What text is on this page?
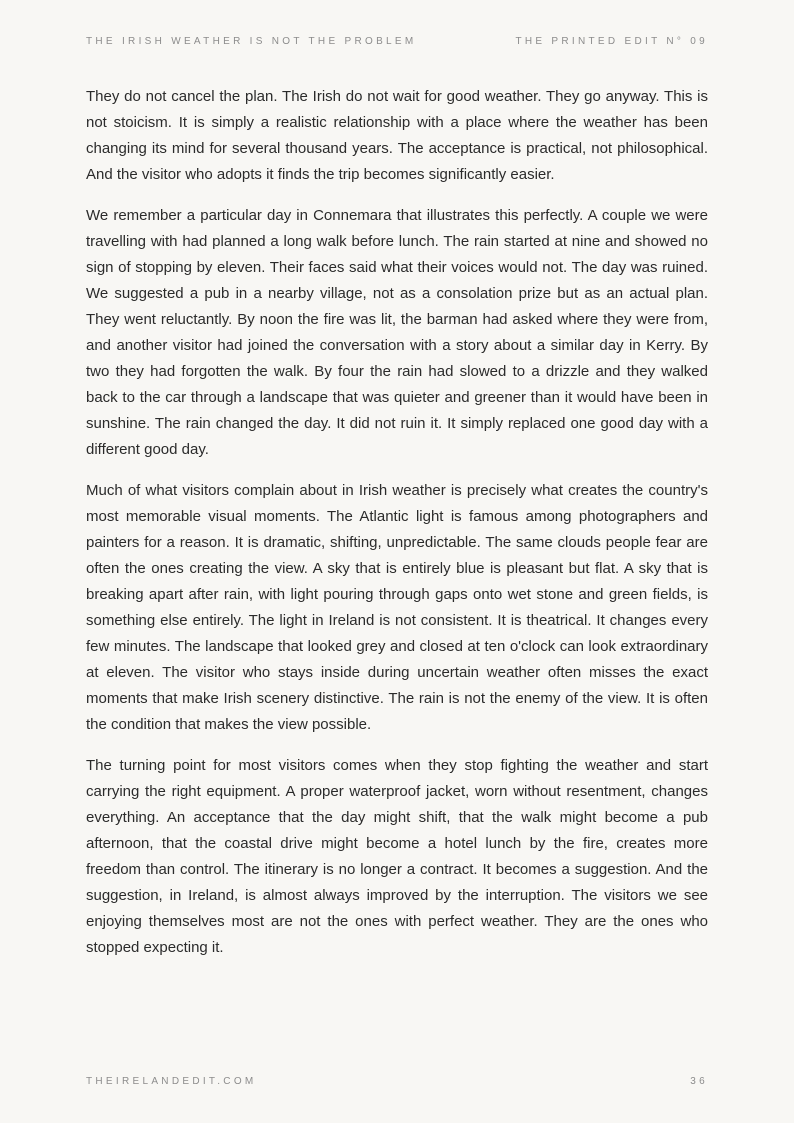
THE IRISH WEATHER IS NOT THE PROBLEM	THE PRINTED EDIT N° 09

They do not cancel the plan. The Irish do not wait for good weather. They go anyway. This is not stoicism. It is simply a realistic relationship with a place where the weather has been changing its mind for several thousand years. The acceptance is practical, not philosophical. And the visitor who adopts it finds the trip becomes significantly easier.

We remember a particular day in Connemara that illustrates this perfectly. A couple we were travelling with had planned a long walk before lunch. The rain started at nine and showed no sign of stopping by eleven. Their faces said what their voices would not. The day was ruined. We suggested a pub in a nearby village, not as a consolation prize but as an actual plan. They went reluctantly. By noon the fire was lit, the barman had asked where they were from, and another visitor had joined the conversation with a story about a similar day in Kerry. By two they had forgotten the walk. By four the rain had slowed to a drizzle and they walked back to the car through a landscape that was quieter and greener than it would have been in sunshine. The rain changed the day. It did not ruin it. It simply replaced one good day with a different good day.

Much of what visitors complain about in Irish weather is precisely what creates the country's most memorable visual moments. The Atlantic light is famous among photographers and painters for a reason. It is dramatic, shifting, unpredictable. The same clouds people fear are often the ones creating the view. A sky that is entirely blue is pleasant but flat. A sky that is breaking apart after rain, with light pouring through gaps onto wet stone and green fields, is something else entirely. The light in Ireland is not consistent. It is theatrical. It changes every few minutes. The landscape that looked grey and closed at ten o'clock can look extraordinary at eleven. The visitor who stays inside during uncertain weather often misses the exact moments that make Irish scenery distinctive. The rain is not the enemy of the view. It is often the condition that makes the view possible.

The turning point for most visitors comes when they stop fighting the weather and start carrying the right equipment. A proper waterproof jacket, worn without resentment, changes everything. An acceptance that the day might shift, that the walk might become a pub afternoon, that the coastal drive might become a hotel lunch by the fire, creates more freedom than control. The itinerary is no longer a contract. It becomes a suggestion. And the suggestion, in Ireland, is almost always improved by the interruption. The visitors we see enjoying themselves most are not the ones with perfect weather. They are the ones who stopped expecting it.

THEIRELANDEDIT.COM	36
